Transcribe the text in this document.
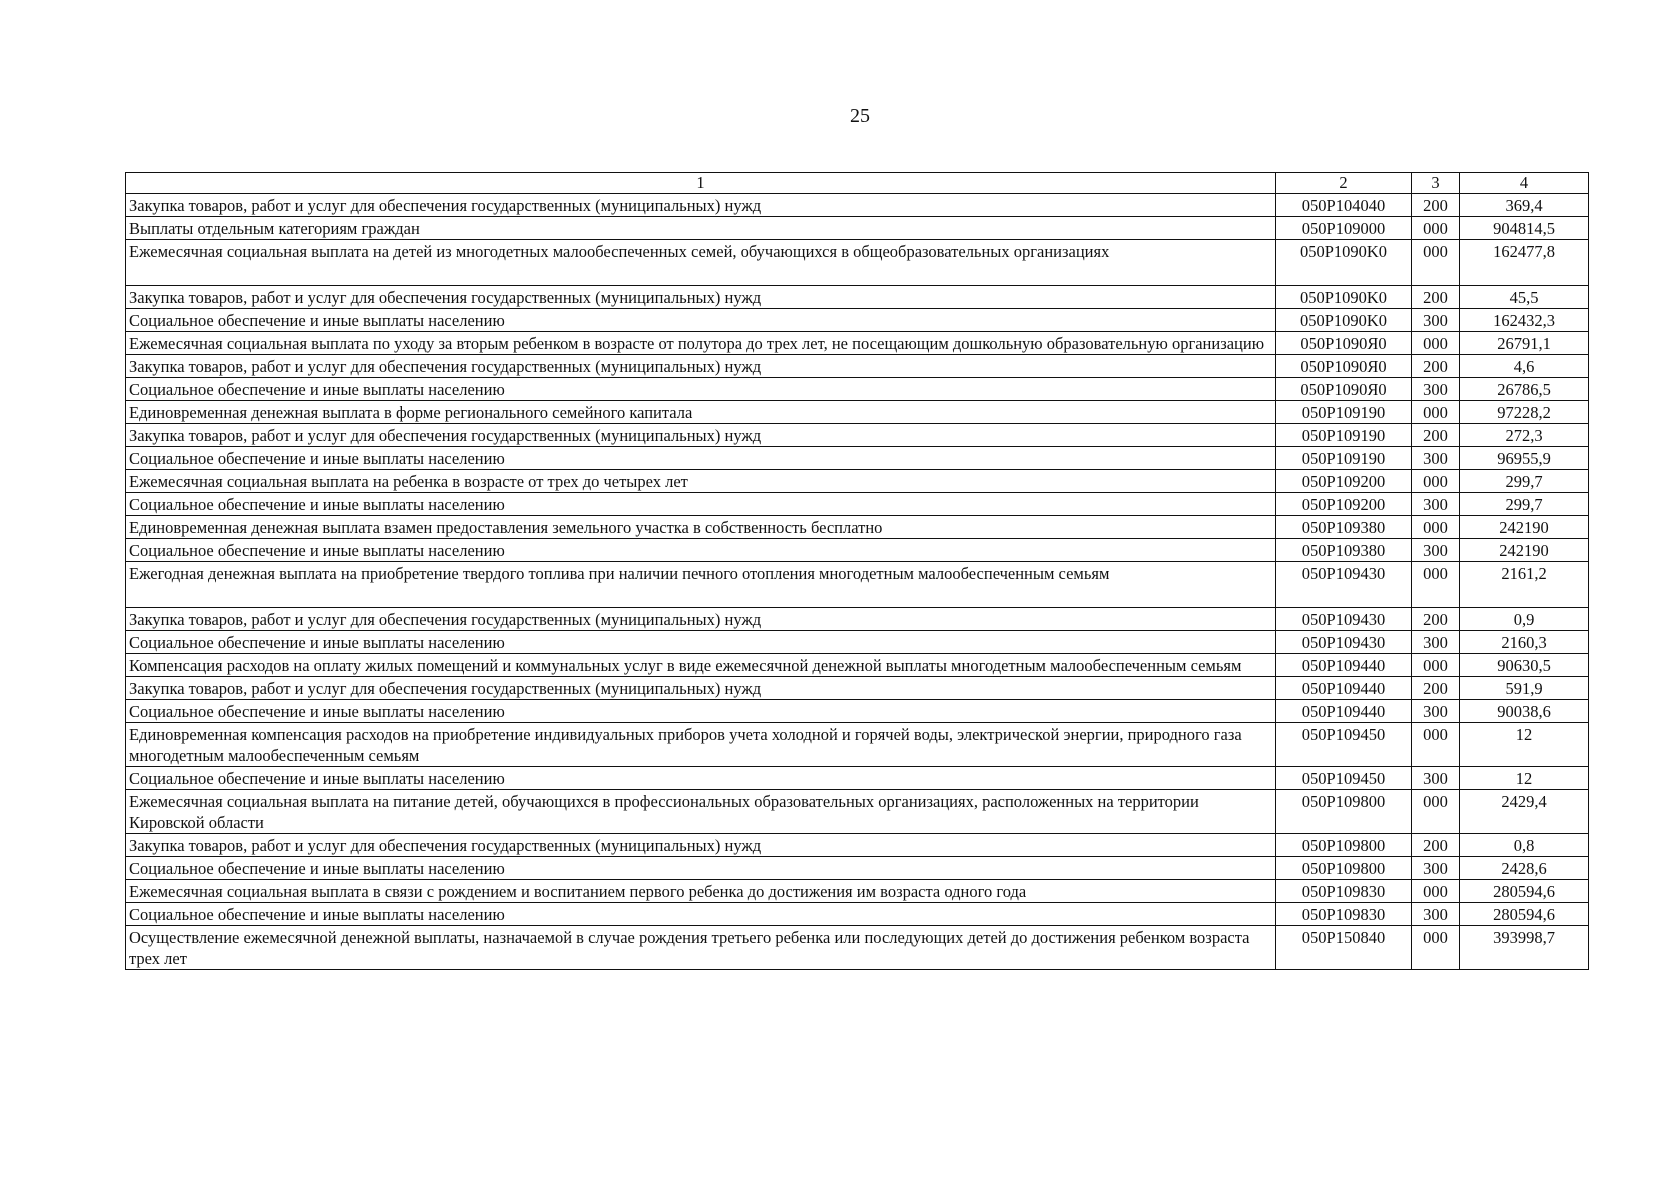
25
1	2	3	4
Закупка товаров, работ и услуг для обеспечения государственных (муниципальных) нужд	050P104040	200	369,4
Выплаты отдельным категориям граждан	050P109000	000	904814,5
Ежемесячная социальная выплата на детей из многодетных малообеспеченных семей, обучающихся в общеобразовательных организациях	050P1090K0	000	162477,8
Закупка товаров, работ и услуг для обеспечения государственных (муниципальных) нужд	050P1090K0	200	45,5
Социальное обеспечение и иные выплаты населению	050P1090K0	300	162432,3
Ежемесячная социальная выплата по уходу за вторым ребенком в возрасте от полутора до трех лет, не посещающим дошкольную образовательную организацию	050P1090Я0	000	26791,1
Закупка товаров, работ и услуг для обеспечения государственных (муниципальных) нужд	050P1090Я0	200	4,6
Социальное обеспечение и иные выплаты населению	050P1090Я0	300	26786,5
Единовременная денежная выплата в форме регионального семейного капитала	050P109190	000	97228,2
Закупка товаров, работ и услуг для обеспечения государственных (муниципальных) нужд	050P109190	200	272,3
Социальное обеспечение и иные выплаты населению	050P109190	300	96955,9
Ежемесячная социальная выплата на ребенка в возрасте от трех до четырех лет	050P109200	000	299,7
Социальное обеспечение и иные выплаты населению	050P109200	300	299,7
Единовременная денежная выплата взамен предоставления земельного участка в собственность бесплатно	050P109380	000	242190
Социальное обеспечение и иные выплаты населению	050P109380	300	242190
Ежегодная денежная выплата на приобретение твердого топлива при наличии печного отопления многодетным малообеспеченным семьям	050P109430	000	2161,2
Закупка товаров, работ и услуг для обеспечения государственных (муниципальных) нужд	050P109430	200	0,9
Социальное обеспечение и иные выплаты населению	050P109430	300	2160,3
Компенсация расходов на оплату жилых помещений и коммунальных услуг в виде ежемесячной денежной выплаты многодетным малообеспеченным семьям	050P109440	000	90630,5
Закупка товаров, работ и услуг для обеспечения государственных (муниципальных) нужд	050P109440	200	591,9
Социальное обеспечение и иные выплаты населению	050P109440	300	90038,6
Единовременная компенсация расходов на приобретение индивидуальных приборов учета холодной и горячей воды, электрической энергии, природного газа многодетным малообеспеченным семьям	050P109450	000	12
Социальное обеспечение и иные выплаты населению	050P109450	300	12
Ежемесячная социальная выплата на питание детей, обучающихся в профессиональных образовательных организациях, расположенных на территории Кировской области	050P109800	000	2429,4
Закупка товаров, работ и услуг для обеспечения государственных (муниципальных) нужд	050P109800	200	0,8
Социальное обеспечение и иные выплаты населению	050P109800	300	2428,6
Ежемесячная социальная выплата в связи с рождением и воспитанием первого ребенка до достижения им возраста одного года	050P109830	000	280594,6
Социальное обеспечение и иные выплаты населению	050P109830	300	280594,6
Осуществление ежемесячной денежной выплаты, назначаемой в случае рождения третьего ребенка или последующих детей до достижения ребенком возраста трех лет	050P150840	000	393998,7
